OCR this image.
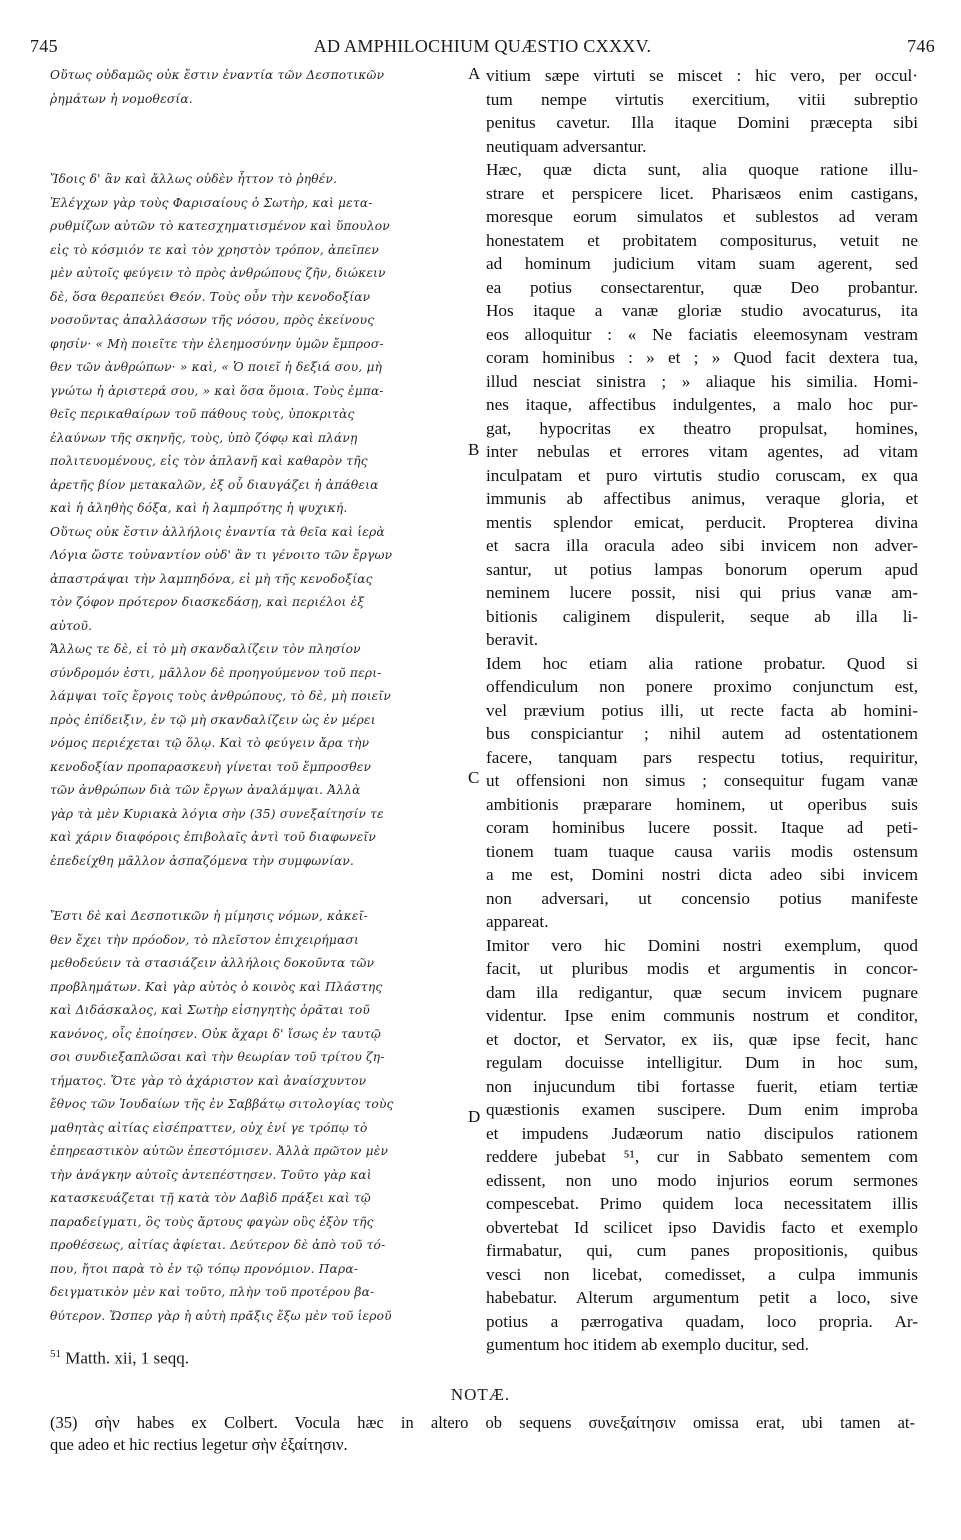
AD AMPHILOCHIUM QUÆSTIO CXXXV.
745	746
Οὕτως οὐδαμῶς οὐκ ἔστιν ἐναντία τῶν Δεσποτικῶν
ῥημάτων ἡ νομοθεσία.
Ἴδοις δ' ἂν καὶ ἄλλως οὐδὲν ἧττον τὸ ῥηθέν.
Ἐλέγχων γὰρ τοὺς Φαρισαίους ὁ Σωτὴρ, καὶ μετα-
ρυθμίζων αὐτῶν τὸ κατεσχηματισμένον καὶ ὕπουλον
εἰς τὸ κόσμιόν τε καὶ τὸν χρηστὸν τρόπον, ἀπεῖπεν
μὲν αὐτοῖς φεύγειν τὸ πρὸς ἀνθρώπους ζῆν, διώκειν
δὲ, ὅσα θεραπεύει Θεόν. Τοὺς οὖν τὴν κενοδοξίαν
νοσοῦντας ἀπαλλάσσων τῆς νόσου, πρὸς ἐκείνους
φησίν· « Μὴ ποιεῖτε τὴν ἐλεημοσύνην ὑμῶν ἔμπροσ-
θεν τῶν ἀνθρώπων· » καὶ, « Ὁ ποιεῖ ἡ δεξιά σου, μὴ
γνώτω ἡ ἀριστερά σου, » καὶ ὅσα ὅμοια. Τοὺς ἐμπα-
θεῖς περικαθαίρων τοῦ πάθους τοὺς, ὑποκριτὰς
ἐλαύνων τῆς σκηνῆς, τοὺς, ὑπὸ ζόφῳ καὶ πλάνῃ
πολιτευομένους, εἰς τὸν ἀπλανῆ καὶ καθαρὸν τῆς
ἀρετῆς βίον μετακαλῶν, ἐξ οὗ διαυγάζει ἡ ἀπάθεια
καὶ ἡ ἀληθὴς δόξα, καὶ ἡ λαμπρότης ἡ ψυχική.
Οὕτως οὐκ ἔστιν ἀλλήλοις ἐναντία τὰ θεῖα καὶ ἱερὰ
Λόγια ὥστε τοὐναντίον οὐδ' ἂν τι γένοιτο τῶν ἔργων
ἀπαστράψαι τὴν λαμπηδόνα, εἰ μὴ τῆς κενοδοξίας
τὸν ζόφον πρότερον διασκεδάσῃ, καὶ περιέλοι ἐξ
αὐτοῦ.
Ἄλλως τε δὲ, εἰ τὸ μὴ σκανδαλίζειν τὸν πλησίον
σύνδρομόν ἐστι, μᾶλλον δὲ προηγούμενον τοῦ περι-
λάμψαι τοῖς ἔργοις τοὺς ἀνθρώπους, τὸ δὲ, μὴ ποιεῖν
πρὸς ἐπίδειξιν, ἐν τῷ μὴ σκανδαλίζειν ὡς ἐν μέρει
νόμος περιέχεται τῷ ὅλῳ. Καὶ τὸ φεύγειν ἄρα τὴν
κενοδοξίαν προπαρασκευὴ γίνεται τοῦ ἔμπροσθεν
τῶν ἀνθρώπων διὰ τῶν ἔργων ἀναλάμψαι. Ἀλλὰ
γὰρ τὰ μὲν Κυριακὰ λόγια σὴν (35) συνεξαίτησίν τε
καὶ χάριν διαφόροις ἐπιβολαῖς ἀντὶ τοῦ διαφωνεῖν
ἐπεδείχθη μᾶλλον ἀσπαζόμενα τὴν συμφωνίαν.
Ἔστι δὲ καὶ Δεσποτικῶν ἡ μίμησις νόμων, κἀκεῖ-
θεν ἔχει τὴν πρόοδον, τὸ πλεῖστον ἐπιχειρήμασι
μεθοδεύειν τὰ στασιάζειν ἀλλήλοις δοκοῦντα τῶν
προβλημάτων. Καὶ γὰρ αὐτὸς ὁ κοινὸς καὶ Πλάστης
καὶ Διδάσκαλος, καὶ Σωτὴρ εἰσηγητὴς ὁρᾶται τοῦ
κανόνος, οἷς ἐποίησεν. Οὐκ ἄχαρι δ' ἴσως ἐν ταυτῷ
σοι συνδιεξαπλῶσαι καὶ τὴν θεωρίαν τοῦ τρίτου ζη-
τήματος. Ὅτε γὰρ τὸ ἀχάριστον καὶ ἀναίσχυντον
ἔθνος τῶν Ἰουδαίων τῆς ἐν Σαββάτῳ σιτολογίας τοὺς
μαθητὰς αἰτίας εἰσέπραττεν, οὐχ ἑνί γε τρόπῳ τὸ
ἐπηρεαστικὸν αὐτῶν ἐπεστόμισεν. Ἀλλὰ πρῶτον μὲν
τὴν ἀνάγκην αὐτοῖς ἀντεπέστησεν. Τοῦτο γὰρ καὶ
κατασκευάζεται τῇ κατὰ τὸν Δαβὶδ πράξει καὶ τῷ
παραδείγματι, ὃς τοὺς ἄρτους φαγὼν οὓς ἐξὸν τῆς
προθέσεως, αἰτίας ἀφίεται. Δεύτερον δὲ ἀπὸ τοῦ τό-
που, ἤτοι παρὰ τὸ ἐν τῷ τόπῳ προνόμιον. Παρα-
δειγματικὸν μὲν καὶ τοῦτο, πλὴν τοῦ προτέρου βα-
θύτερον. Ὥσπερ γὰρ ἡ αὐτὴ πρᾶξις ἔξω μὲν τοῦ ἱεροῦ
vitium sæpe virtuti se miscet : hic vero, per occul·
tum nempe virtutis exercitium, vitii subreptio
penitus cavetur. Illa itaque Domini præcepta sibi
neutiquam adversantur.
Hæc, quæ dicta sunt, alia quoque ratione illu-
strare et perspicere licet. Pharisæos enim castigans,
moresque eorum simulatos et sublestos ad veram
honestatem et probitatem compositurus, vetuit ne
ad hominum judicium vitam suam agerent, sed
ea potius consectarentur, quæ Deo probantur.
Hos itaque a vanæ gloriæ studio avocaturus, ita
eos alloquitur : « Ne faciatis eleemosynam vestram
coram hominibus : » et ; » Quod facit dextera tua,
illud nesciat sinistra ; » aliaque his similia. Homi-
nes itaque, affectibus indulgentes, a malo hoc pur-
gat, hypocritas ex theatro propulsat, homines,
inter nebulas et errores vitam agentes, ad vitam
inculpatam et puro virtutis studio coruscam, ex qua
immunis ab affectibus animus, veraque gloria, et
mentis splendor emicat, perducit. Propterea divina
et sacra illa oracula adeo sibi invicem non adver-
santur, ut potius lampas bonorum operum apud
neminem lucere possit, nisi qui prius vanæ am-
bitionis caliginem dispulerit, seque ab illa li-
beravit.
Idem hoc etiam alia ratione probatur. Quod si
offendiculum non ponere proximo conjunctum est,
vel prævium potius illi, ut recte facta ab homini-
bus conspiciantur ; nihil autem ad ostentationem
facere, tanquam pars respectu totius, requiritur,
ut offensioni non simus ; consequitur fugam vanæ
ambitionis præparare hominem, ut operibus suis
coram hominibus lucere possit. Itaque ad peti-
tionem tuam tuaque causa variis modis ostensum
a me est, Domini nostri dicta adeo sibi invicem
non adversari, ut concensio potius manifeste
appareat.
Imitor vero hic Domini nostri exemplum, quod
facit, ut pluribus modis et argumentis in concor-
dam illa redigantur, quæ secum invicem pugnare
videntur. Ipse enim communis nostrum et conditor,
et doctor, et Servator, ex iis, quæ ipse fecit, hanc
regulam docuisse intelligitur. Dum in hoc sum,
non injucundum tibi fortasse fuerit, etiam tertiæ
quæstionis examen suscipere. Dum enim improba
et impudens Judæorum natio discipulos rationem
reddere jubebat ⁵¹, cur in Sabbato sementem com
edissent, non uno modo injurios eorum sermones
compescebat. Primo quidem loca necessitatem illis
obvertebat Id scilicet ipso Davidis facto et exemplo
firmabatur, qui, cum panes propositionis, quibus
vesci non licebat, comedisset, a culpa immunis
habebatur. Alterum argumentum petit a loco, sive
potius a pærrogativa quadam, loco propria. Ar-
gumentum hoc itidem ab exemplo ducitur, sed.
A
B
C
D
$^{51}$ Matth. xii, 1 seqq.
NOTÆ.
(35) σὴν habes ex Colbert. Vocula hæc in altero ob sequens συνεξαίτησιν omissa erat, ubi tamen at-
que adeo et hic rectius legetur σὴν ἐξαίτησιν.
